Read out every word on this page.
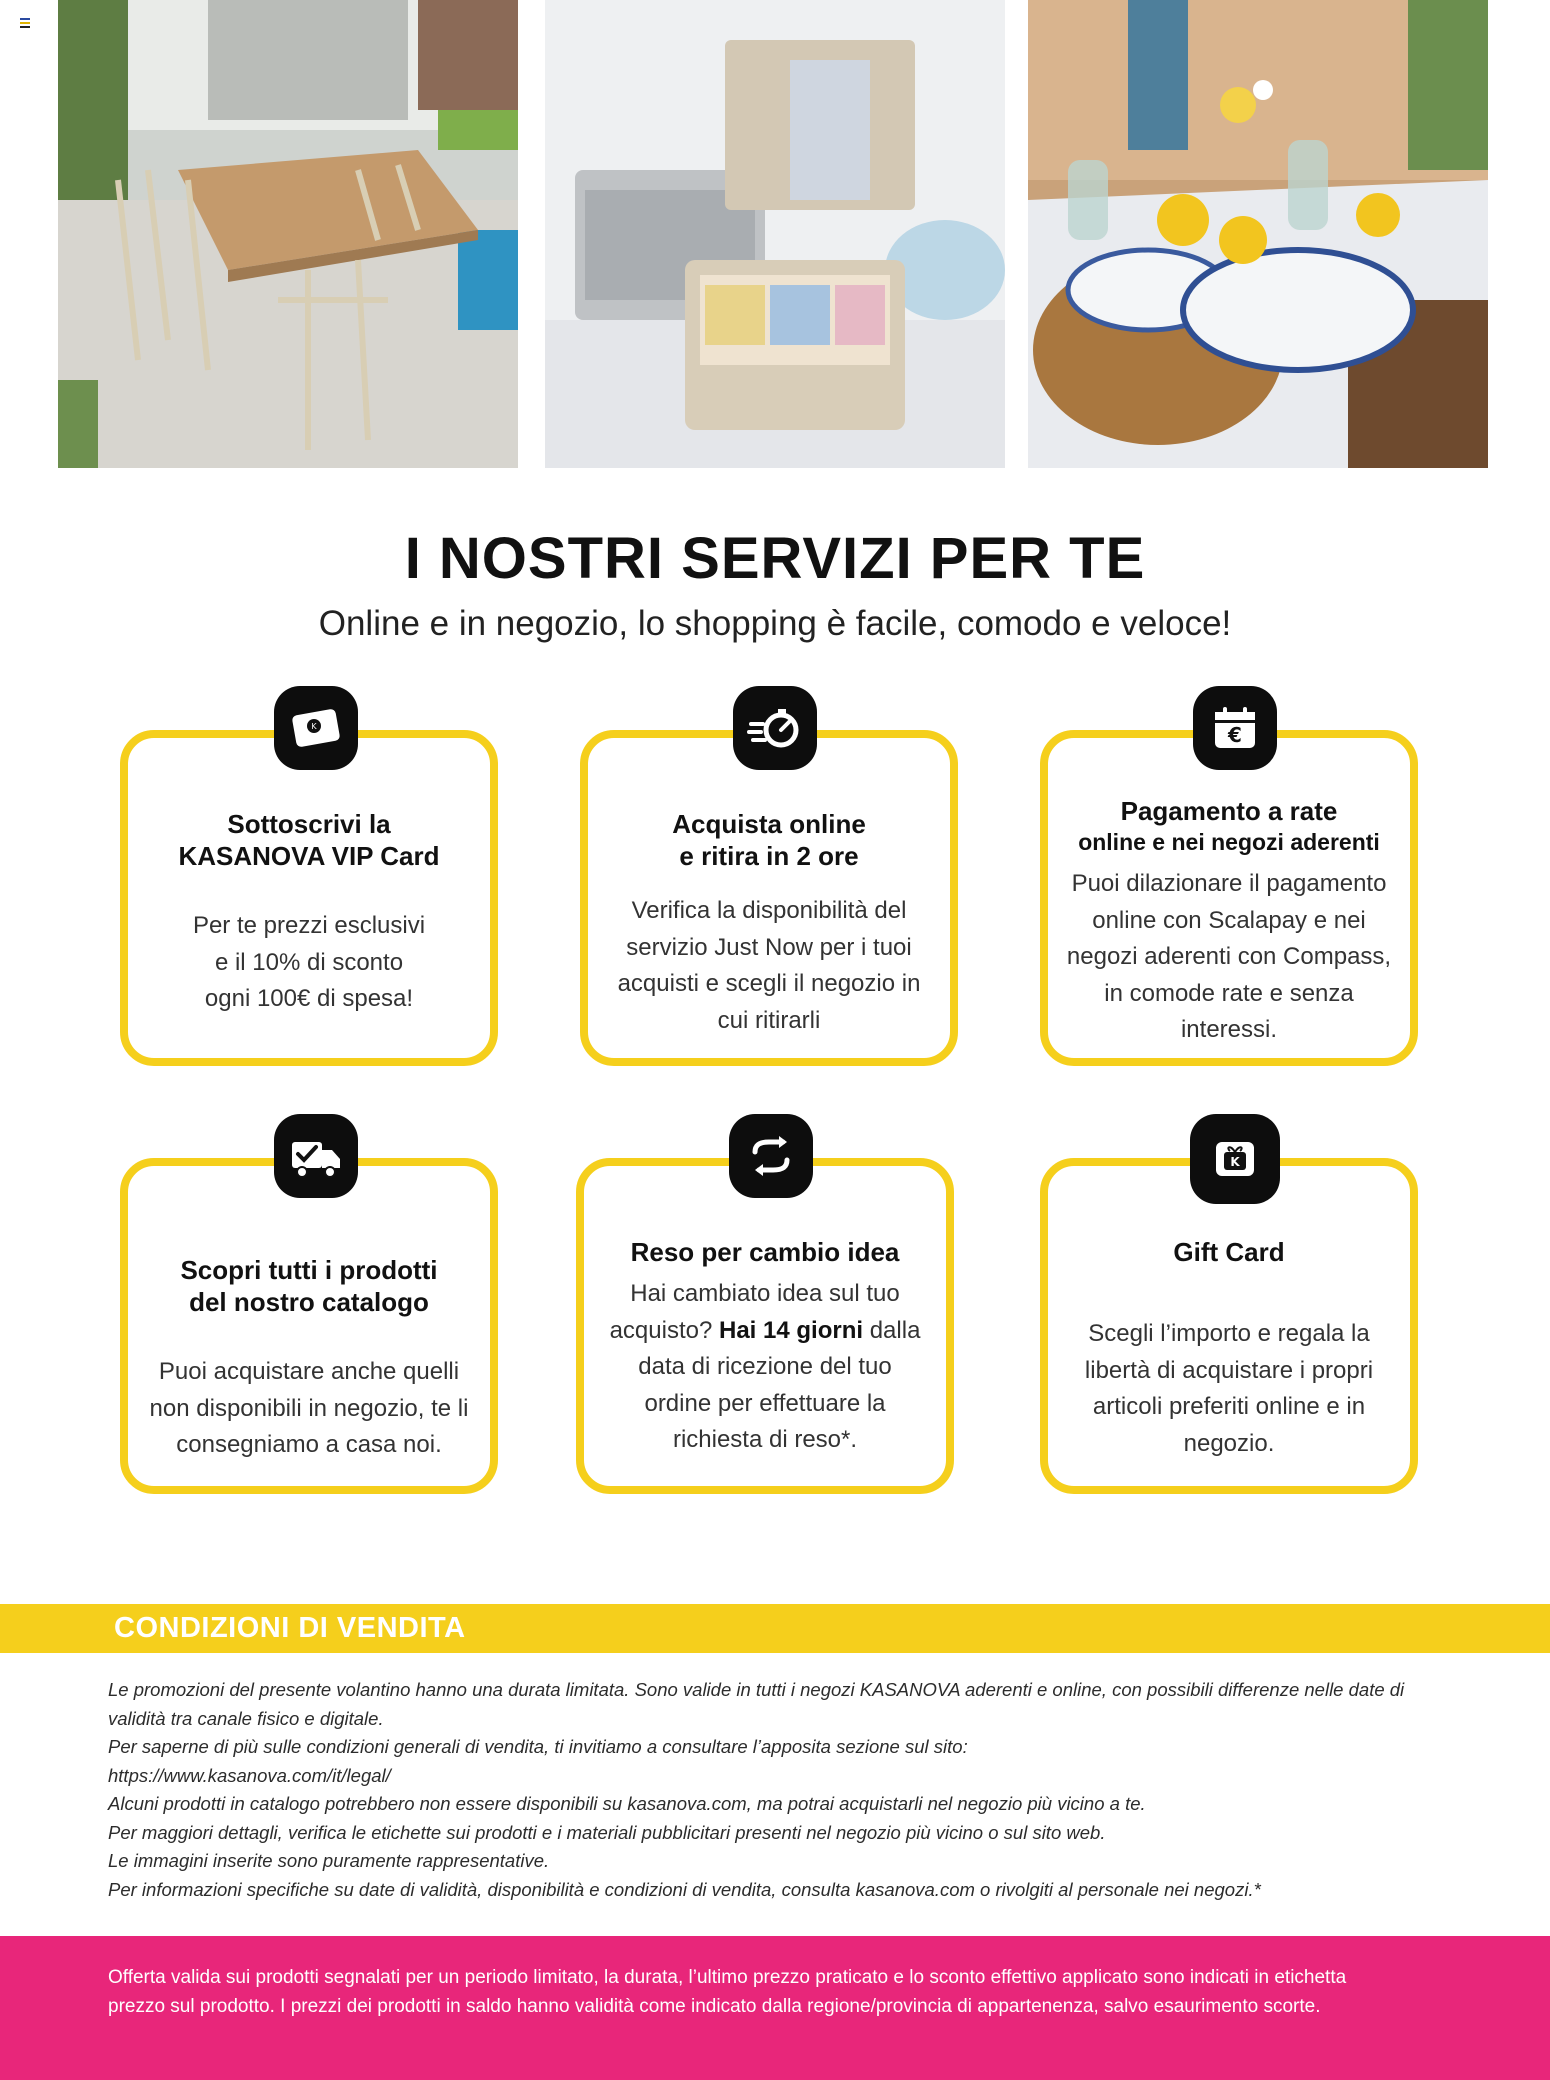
I NOSTRI SERVIZI PER TE
Online e in negozio, lo shopping è facile, comodo e veloce!
Sottoscrivi la
KASANOVA VIP Card
Per te prezzi esclusivi
e il 10% di sconto
ogni 100€ di spesa!
K
Acquista online
e ritira in 2 ore
Verifica la disponibilità del servizio Just Now per i tuoi acquisti e scegli il negozio in cui ritirarli
Pagamento a rate
online e nei negozi aderenti
Puoi dilazionare il pagamento online con Scalapay e nei negozi aderenti con Compass, in comode rate e senza interessi.
€
Scopri tutti i prodotti
del nostro catalogo
Puoi acquistare anche quelli non disponibili in negozio, te li consegniamo a casa noi.
Reso per cambio idea
Hai cambiato idea sul tuo acquisto? Hai 14 giorni dalla data di ricezione del tuo ordine per effettuare la richiesta di reso*.
Gift Card
Scegli l’importo e regala la libertà di acquistare i propri articoli preferiti online e in negozio.
K
CONDIZIONI DI VENDITA
Le promozioni del presente volantino hanno una durata limitata. Sono valide in tutti i negozi KASANOVA aderenti e online, con possibili differenze nelle date di validità tra canale fisico e digitale.
Per saperne di più sulle condizioni generali di vendita, ti invitiamo a consultare l’apposita sezione sul sito:
https://www.kasanova.com/it/legal/
Alcuni prodotti in catalogo potrebbero non essere disponibili su kasanova.com, ma potrai acquistarli nel negozio più vicino a te.
Per maggiori dettagli, verifica le etichette sui prodotti e i materiali pubblicitari presenti nel negozio più vicino o sul sito web.
Le immagini inserite sono puramente rappresentative.
Per informazioni specifiche su date di validità, disponibilità e condizioni di vendita, consulta kasanova.com o rivolgiti al personale nei negozi.*
Offerta valida sui prodotti segnalati per un periodo limitato, la durata, l’ultimo prezzo praticato e lo sconto effettivo applicato sono indicati in etichetta prezzo sul prodotto. I prezzi dei prodotti in saldo hanno validità come indicato dalla regione/provincia di appartenenza, salvo esaurimento scorte.
